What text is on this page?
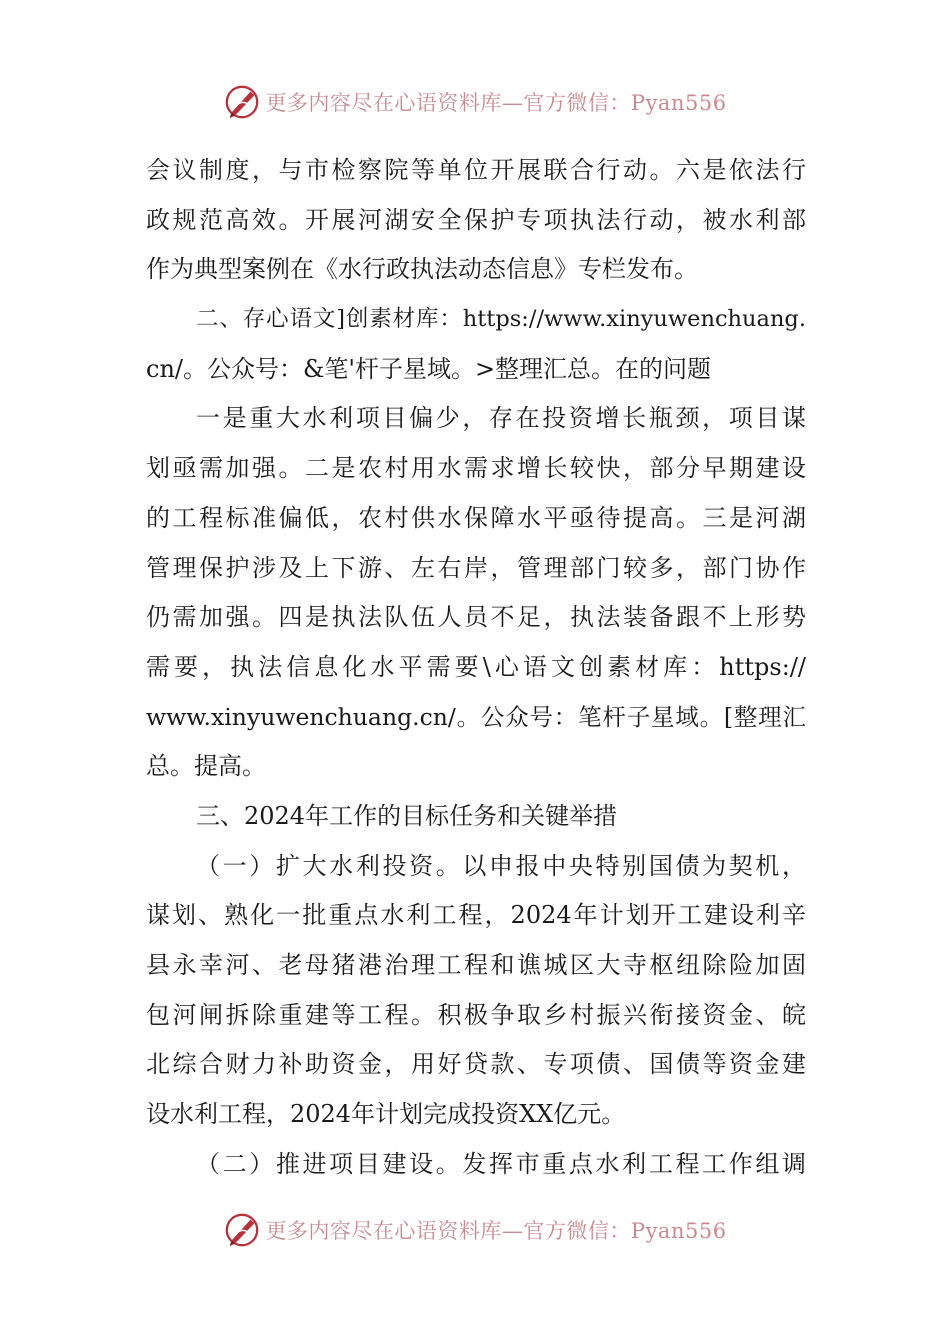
更多内容尽在心语资料库—官方微信：Pyan556
会议制度，与市检察院等单位开展联合行动。六是依法行
政规范高效。开展河湖安全保护专项执法行动，被水利部
作为典型案例在《水行政执法动态信息》专栏发布。
二、存心语文]创素材库：https://www.xinyuwenchuang.
cn/。公众号：&笔'杆子星域。>整理汇总。在的问题
一是重大水利项目偏少，存在投资增长瓶颈，项目谋
划亟需加强。二是农村用水需求增长较快，部分早期建设
的工程标准偏低，农村供水保障水平亟待提高。三是河湖
管理保护涉及上下游、左右岸，管理部门较多，部门协作
仍需加强。四是执法队伍人员不足，执法装备跟不上形势
需要，执法信息化水平需要\心语文创素材库：https://
www.xinyuwenchuang.cn/。公众号：笔杆子星域。[整理汇
总。提高。
三、2024年工作的目标任务和关键举措
（一）扩大水利投资。以申报中央特别国债为契机，
谋划、熟化一批重点水利工程，2024年计划开工建设利辛
县永幸河、老母猪港治理工程和谯城区大寺枢纽除险加固
包河闸拆除重建等工程。积极争取乡村振兴衔接资金、皖
北综合财力补助资金，用好贷款、专项债、国债等资金建
设水利工程，2024年计划完成投资XX亿元。
（二）推进项目建设。发挥市重点水利工程工作组调
更多内容尽在心语资料库—官方微信：Pyan556
